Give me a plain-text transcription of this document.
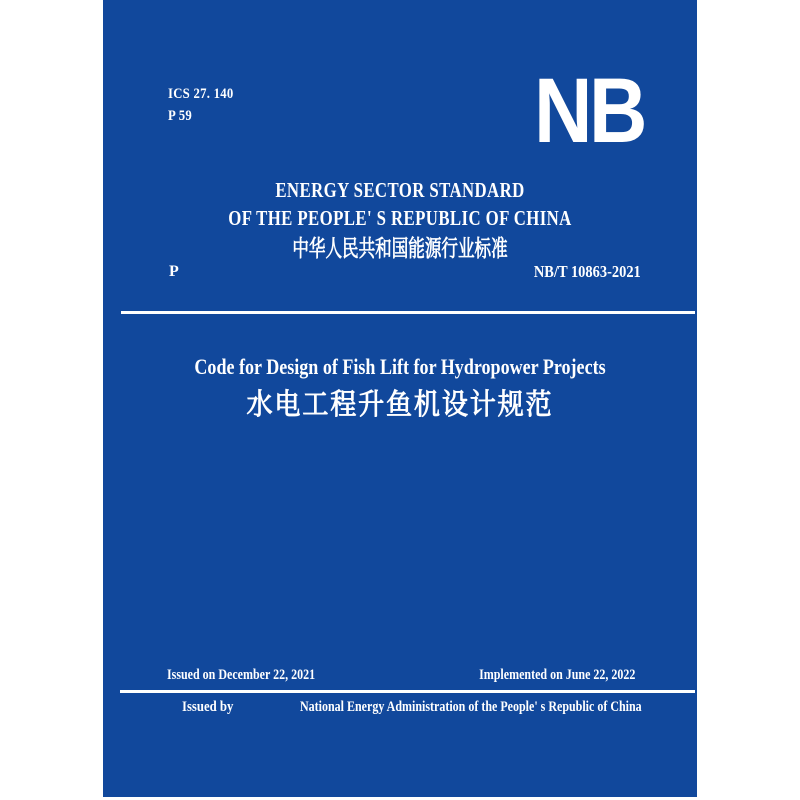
ICS 27. 140
P 59	NB
ENERGY SECTOR STANDARD
OF THE PEOPLE' S REPUBLIC OF CHINA
中华人民共和国能源行业标准
P	NB/T 10863-2021
Code for Design of Fish Lift for Hydropower Projects
水电工程升鱼机设计规范
Issued on December 22, 2021	Implemented on June 22, 2022
Issued by	National Energy Administration of the People' s Republic of China
